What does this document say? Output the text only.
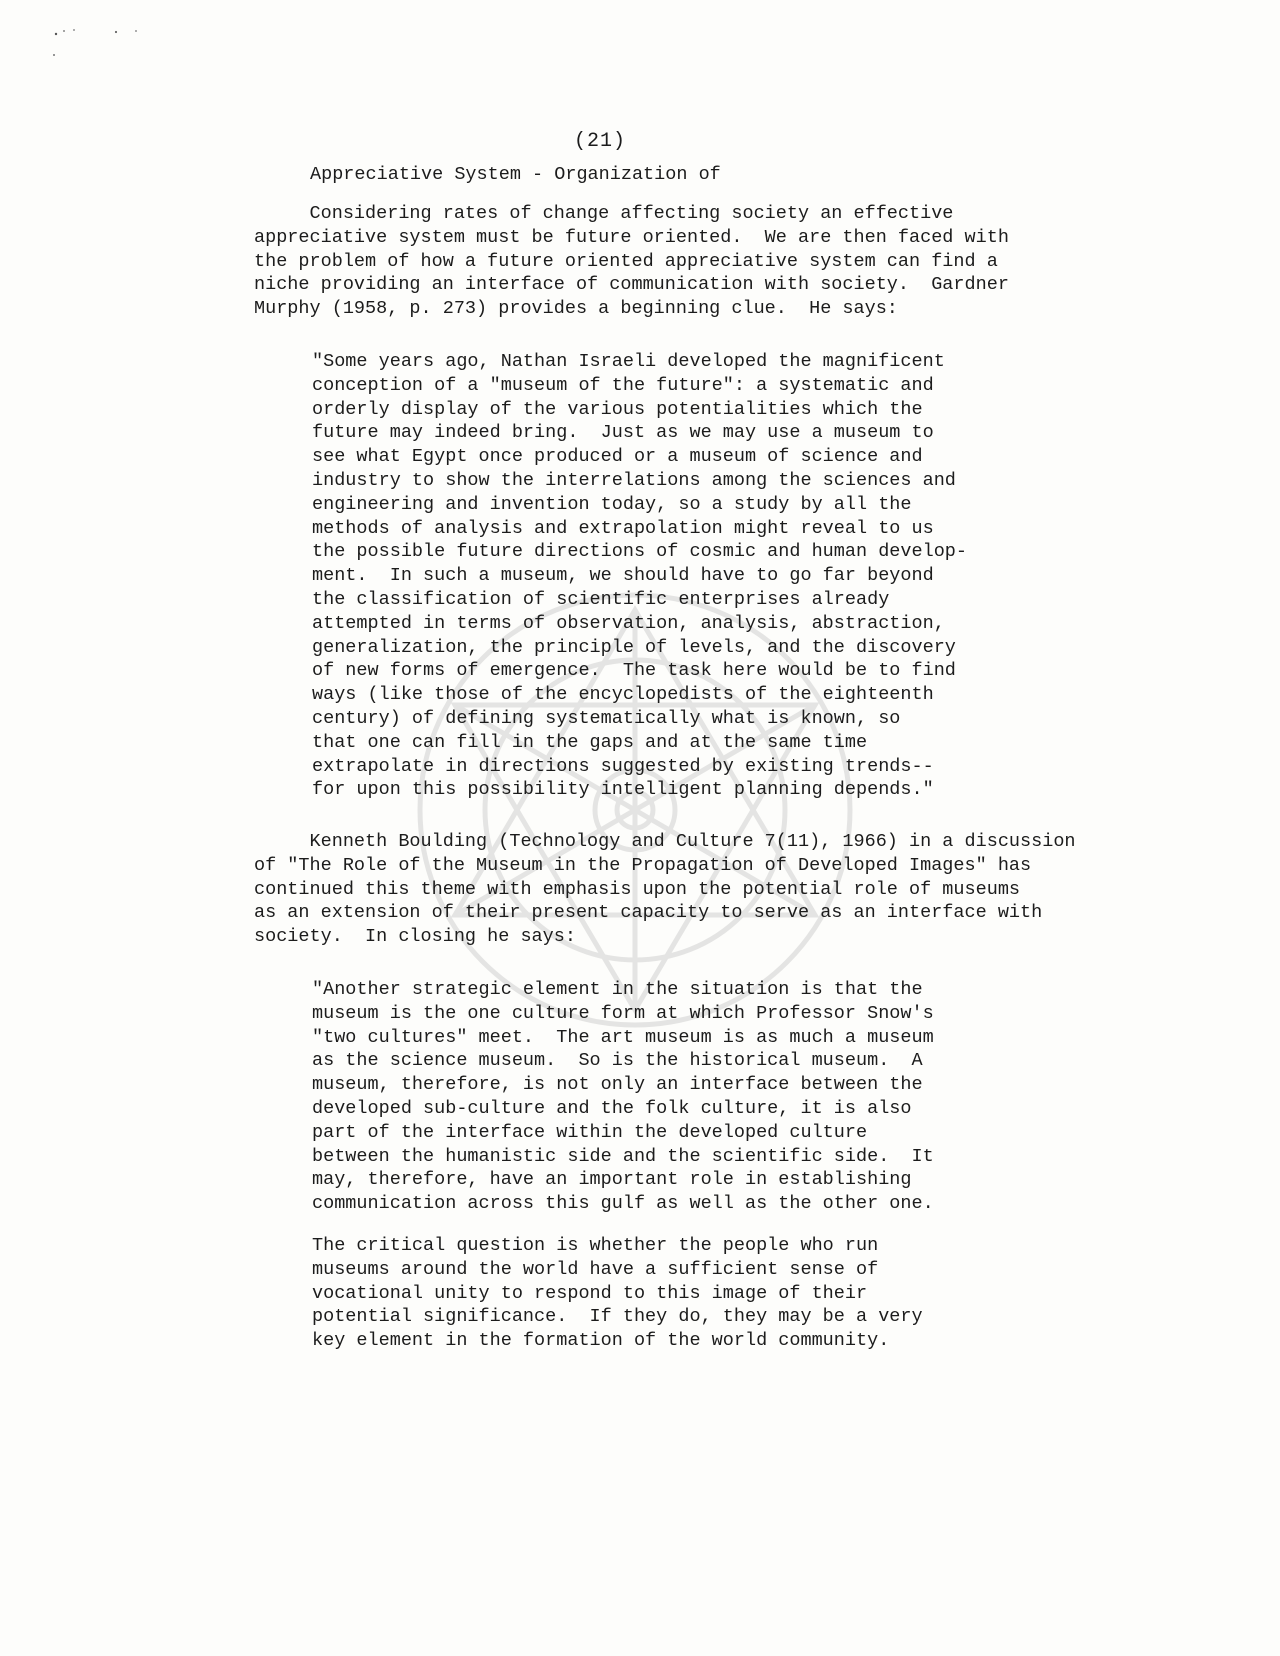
(21)
Appreciative System - Organization of
Considering rates of change affecting society an effective
appreciative system must be future oriented.  We are then faced with
the problem of how a future oriented appreciative system can find a
niche providing an interface of communication with society.  Gardner
Murphy (1958, p. 273) provides a beginning clue.  He says:
"Some years ago, Nathan Israeli developed the magnificent
conception of a "museum of the future": a systematic and
orderly display of the various potentialities which the
future may indeed bring.  Just as we may use a museum to
see what Egypt once produced or a museum of science and
industry to show the interrelations among the sciences and
engineering and invention today, so a study by all the
methods of analysis and extrapolation might reveal to us
the possible future directions of cosmic and human develop-
ment.  In such a museum, we should have to go far beyond
the classification of scientific enterprises already
attempted in terms of observation, analysis, abstraction,
generalization, the principle of levels, and the discovery
of new forms of emergence.  The task here would be to find
ways (like those of the encyclopedists of the eighteenth
century) of defining systematically what is known, so
that one can fill in the gaps and at the same time
extrapolate in directions suggested by existing trends--
for upon this possibility intelligent planning depends."
Kenneth Boulding (Technology and Culture 7(11), 1966) in a discussion
of "The Role of the Museum in the Propagation of Developed Images" has
continued this theme with emphasis upon the potential role of museums
as an extension of their present capacity to serve as an interface with
society.  In closing he says:
"Another strategic element in the situation is that the
museum is the one culture form at which Professor Snow's
"two cultures" meet.  The art museum is as much a museum
as the science museum.  So is the historical museum.  A
museum, therefore, is not only an interface between the
developed sub-culture and the folk culture, it is also
part of the interface within the developed culture
between the humanistic side and the scientific side.  It
may, therefore, have an important role in establishing
communication across this gulf as well as the other one.
The critical question is whether the people who run
museums around the world have a sufficient sense of
vocational unity to respond to this image of their
potential significance.  If they do, they may be a very
key element in the formation of the world community.
